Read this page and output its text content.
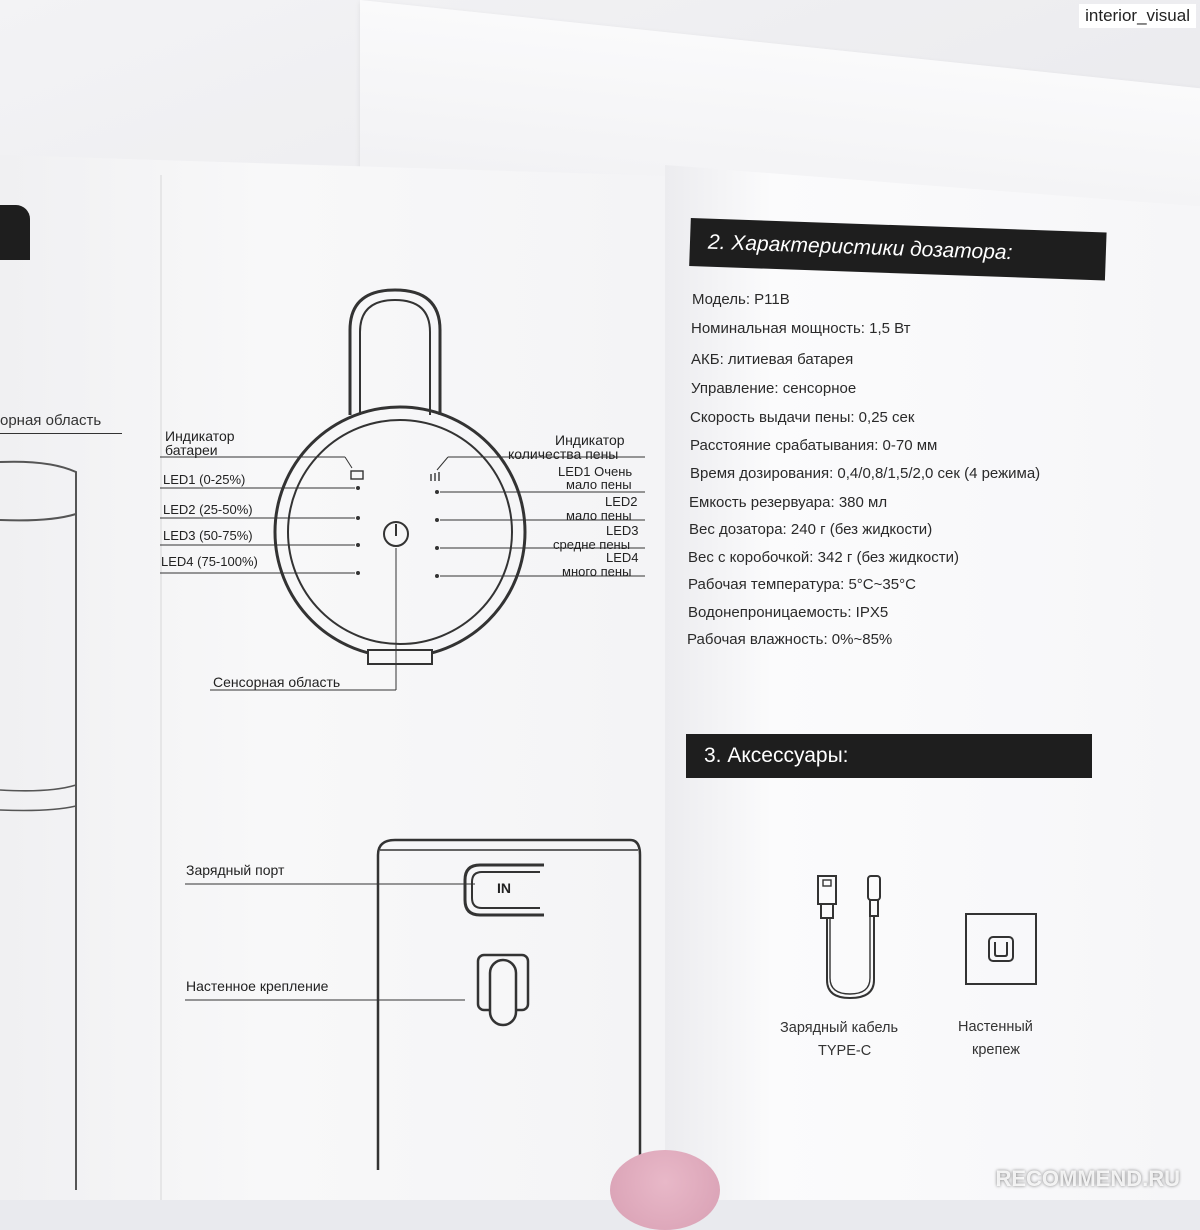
орная область
Индикатор
батареи
Индикатор
количества пены
LED1 (0-25%)
LED2 (25-50%)
LED3 (50-75%)
LED4 (75-100%)
LED1 Очень
мало пены
LED2
мало пены
LED3
средне пены
LED4
много пены
Сенсорная область
IN
Зарядный порт
Настенное крепление
2. Характеристики дозатора:
Модель: P11B
Номинальная мощность: 1,5 Вт
АКБ: литиевая батарея
Управление: сенсорное
Скорость выдачи пены: 0,25 сек
Расстояние срабатывания: 0-70 мм
Время дозирования: 0,4/0,8/1,5/2,0 сек (4 режима)
Емкость резервуара: 380 мл
Вес дозатора: 240 г (без жидкости)
Вес с коробочкой: 342 г (без жидкости)
Рабочая температура: 5°C~35°C
Водонепроницаемость: IPX5
Рабочая влажность: 0%~85%
3. Аксессуары:
Зарядный кабель
TYPE-C
Настенный
крепеж
interior_visual
RECOMMEND.RU
